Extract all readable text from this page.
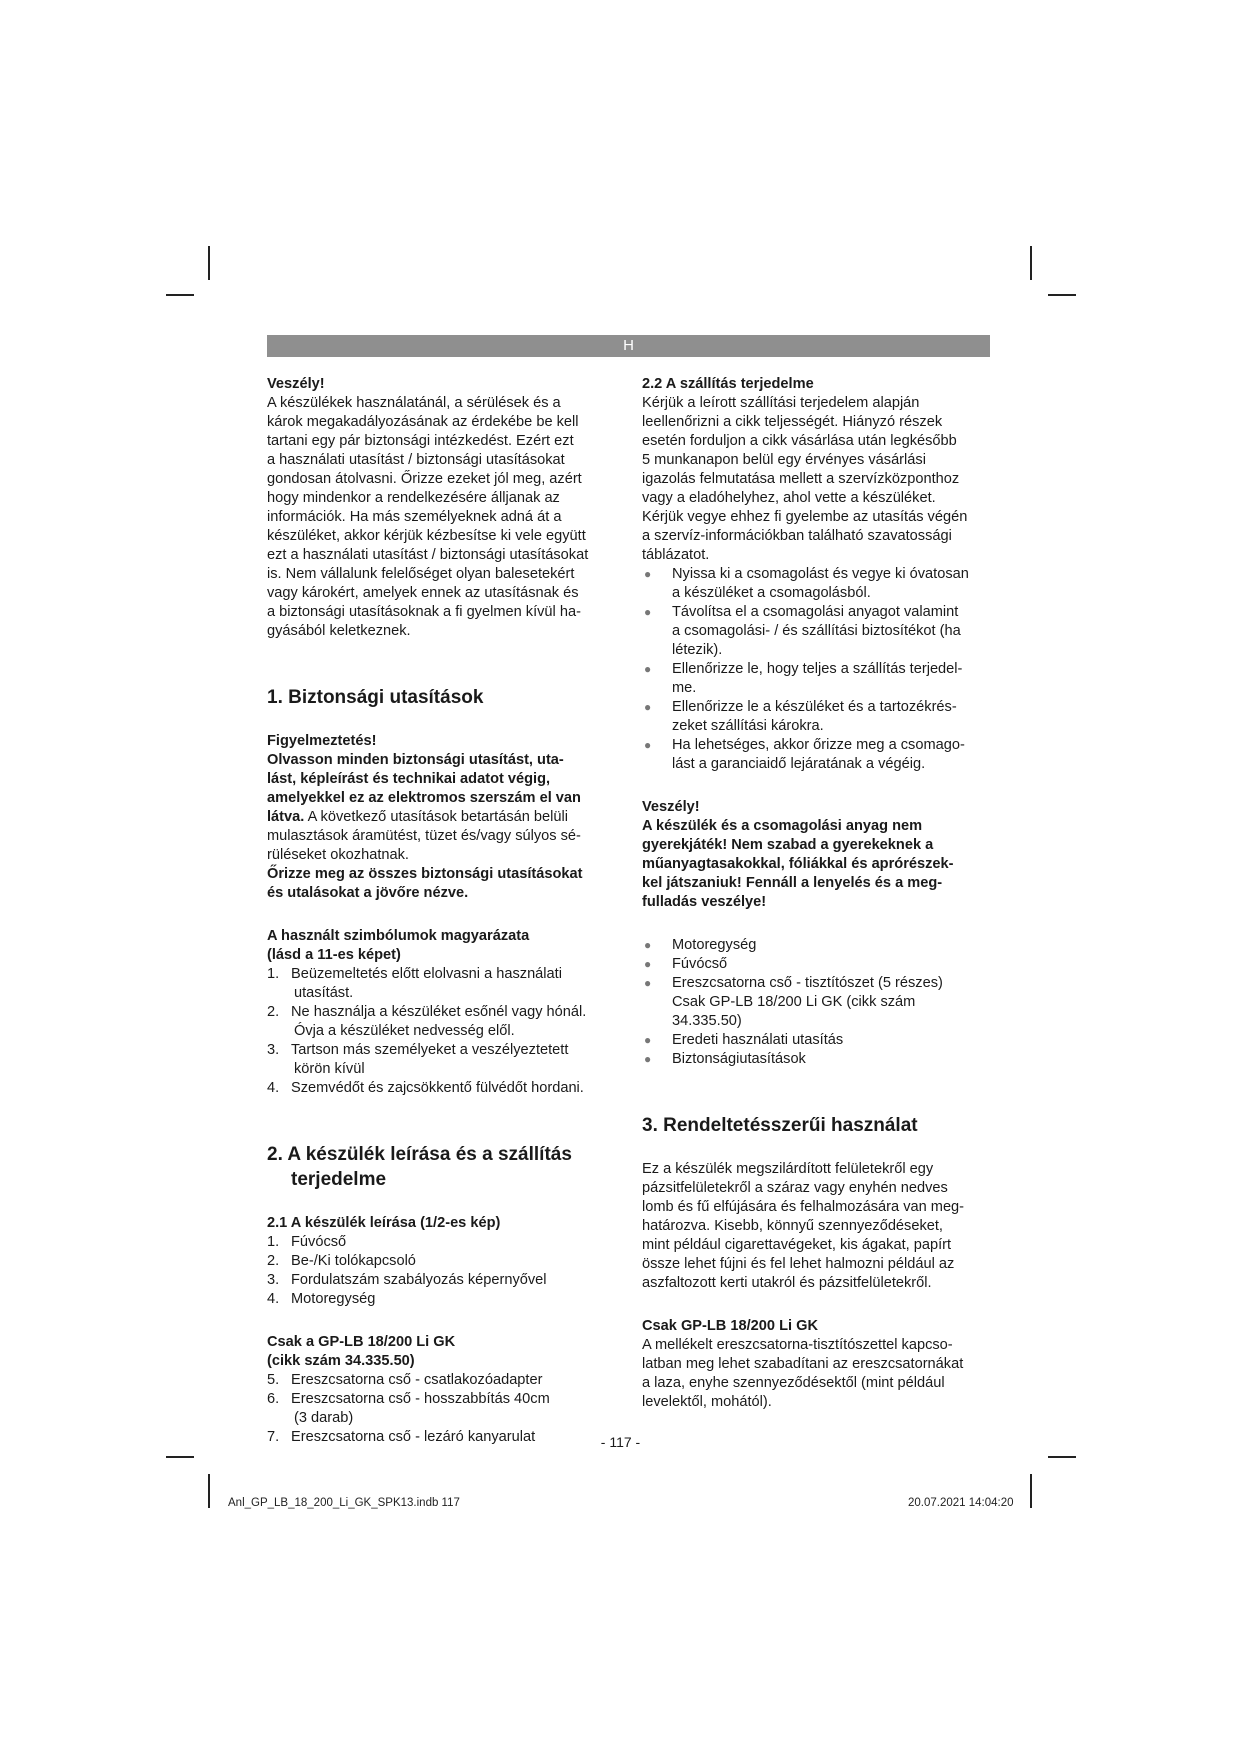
H

Veszély!

A készülékek használatánál, a sérülések és a

károk megakadályozásának az érdekébe be kell

tartani egy pár biztonsági intézkedést. Ezért ezt

a használati utasítást / biztonsági utasításokat

gondosan átolvasni. Őrizze ezeket jól meg, azért

hogy mindenkor a rendelkezésére álljanak az

információk. Ha más személyeknek adná át a

készüléket, akkor kérjük kézbesítse ki vele együtt

ezt a használati utasítást / biztonsági utasításokat

is. Nem vállalunk felelőséget olyan balesetekért

vagy károkért, amelyek ennek az utasításnak és

a biztonsági utasításoknak a fi gyelmen kívül ha-

gyásából keletkeznek.

1. Biztonsági utasítások

Figyelmeztetés!

Olvasson minden biztonsági utasítást, uta-

lást, képleírást és technikai adatot végig,

amelyekkel ez az elektromos szerszám el van

látva. A következő utasítások betartásán belüli

mulasztások áramütést, tüzet és/vagy súlyos sé-

rüléseket okozhatnak.

Őrizze meg az összes biztonsági utasításokat

és utalásokat a jövőre nézve.

A használt szimbólumok magyarázata

(lásd a 11-es képet)

1. Beüzemeltetés előtt elolvasni a használati
utasítást.
2. Ne használja a készüléket esőnél vagy hónál.
Óvja a készüléket nedvesség elől.
3. Tartson más személyeket a veszélyeztetett
körön kívül
4. Szemvédőt és zajcsökkentő fülvédőt hordani.
2. A készülék leírása és a szállítás
terjedelme

2.1 A készülék leírása (1/2-es kép)

1. Fúvócső
2. Be-/Ki tolókapcsoló
3. Fordulatszám szabályozás képernyővel
4. Motoregység

Csak a GP-LB 18/200 Li GK

(cikk szám 34.335.50)

5. Ereszcsatorna cső - csatlakozóadapter
6. Ereszcsatorna cső - hosszabbítás 40cm
(3 darab)
7. Ereszcsatorna cső - lezáró kanyarulat

2.2 A szállítás terjedelme

Kérjük a leírott szállítási terjedelem alapján

leellenőrizni a cikk teljességét. Hiányzó részek

esetén forduljon a cikk vásárlása után legkésőbb

5 munkanapon belül egy érvényes vásárlási

igazolás felmutatása mellett a szervízközponthoz

vagy a eladóhelyhez, ahol vette a készüléket.

Kérjük vegye ehhez fi gyelembe az utasítás végén

a szervíz-információkban található szavatossági

táblázatot.

●	Nyissa ki a csomagolást és vegye ki óvatosan
a készüléket a csomagolásból.
●	Távolítsa el a csomagolási anyagot valamint
a csomagolási- / és szállítási biztosítékot (ha
létezik).
●	Ellenőrizze le, hogy teljes a szállítás terjedel-
me.
●	Ellenőrizze le a készüléket és a tartozékrés-
zeket szállítási károkra.
●	Ha lehetséges, akkor őrizze meg a csomago-
lást a garanciaidő lejáratának a végéig.

Veszély!

A készülék és a csomagolási anyag nem

gyerekjáték! Nem szabad a gyerekeknek a

műanyagtasakokkal, fóliákkal és aprórészek-

kel játszaniuk! Fennáll a lenyelés és a meg-

fulladás veszélye!

●	Motoregység
●	Fúvócső
●	Ereszcsatorna cső - tisztítószet (5 részes)
Csak GP-LB 18/200 Li GK (cikk szám
34.335.50)
●	Eredeti használati utasítás
●	Biztonságiutasítások
3. Rendeltetésszerűi használat

Ez a készülék megszilárdított felületekről egy

pázsitfelületekről a száraz vagy enyhén nedves

lomb és fű elfújására és felhalmozására van meg-

határozva. Kisebb, könnyű szennyeződéseket,

mint például cigarettavégeket, kis ágakat, papírt

össze lehet fújni és fel lehet halmozni például az

aszfaltozott kerti utakról és pázsitfelületekről.

Csak GP-LB 18/200 Li GK

A mellékelt ereszcsatorna-tisztítószettel kapcso-

latban meg lehet szabadítani az ereszcsatornákat

a laza, enyhe szennyeződésektől (mint például

levelektől, mohától).

- 117 -
Anl_GP_LB_18_200_Li_GK_SPK13.indb 117	20.07.2021 14:04:20
